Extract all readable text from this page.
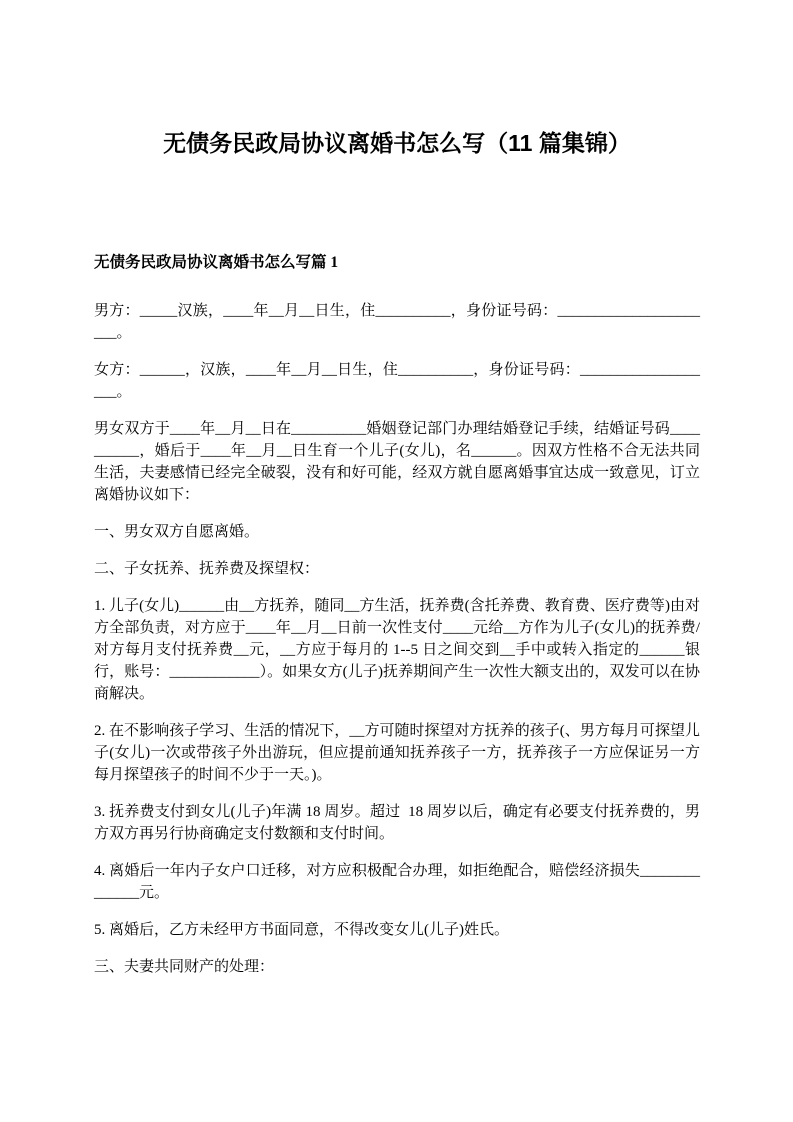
无债务民政局协议离婚书怎么写（11 篇集锦）
无债务民政局协议离婚书怎么写篇 1

男方：_____汉族，____年__月__日生，住__________，身份证号码：______________________。

女方：______，汉族，____年__月__日生，住__________，身份证号码：___________________。

男女双方于____年__月__日在__________婚姻登记部门办理结婚登记手续，结婚证号码__________，婚后于____年__月__日生育一个儿子(女儿)，名______。因双方性格不合无法共同生活，夫妻感情已经完全破裂，没有和好可能，经双方就自愿离婚事宜达成一致意见，订立离婚协议如下：

一、男女双方自愿离婚。

二、子女抚养、抚养费及探望权：

1. 儿子(女儿)______由__方抚养，随同__方生活，抚养费(含托养费、教育费、医疗费等)由对方全部负责，对方应于____年__月__日前一次性支付____元给__方作为儿子(女儿)的抚养费/对方每月支付抚养费__元，__方应于每月的 1--5 日之间交到__手中或转入指定的______银行，账号：____________）。如果女方(儿子)抚养期间产生一次性大额支出的，双发可以在协商解决。

2. 在不影响孩子学习、生活的情况下，__方可随时探望对方抚养的孩子(、男方每月可探望儿子(女儿)一次或带孩子外出游玩，但应提前通知抚养孩子一方，抚养孩子一方应保证另一方每月探望孩子的时间不少于一天。)。

3. 抚养费支付到女儿(儿子)年满 18 周岁。超过  18 周岁以后，确定有必要支付抚养费的，男方双方再另行协商确定支付数额和支付时间。

4. 离婚后一年内子女户口迁移，对方应积极配合办理，如拒绝配合，赔偿经济损失______________元。

5. 离婚后，乙方未经甲方书面同意，不得改变女儿(儿子)姓氏。

三、夫妻共同财产的处理：
